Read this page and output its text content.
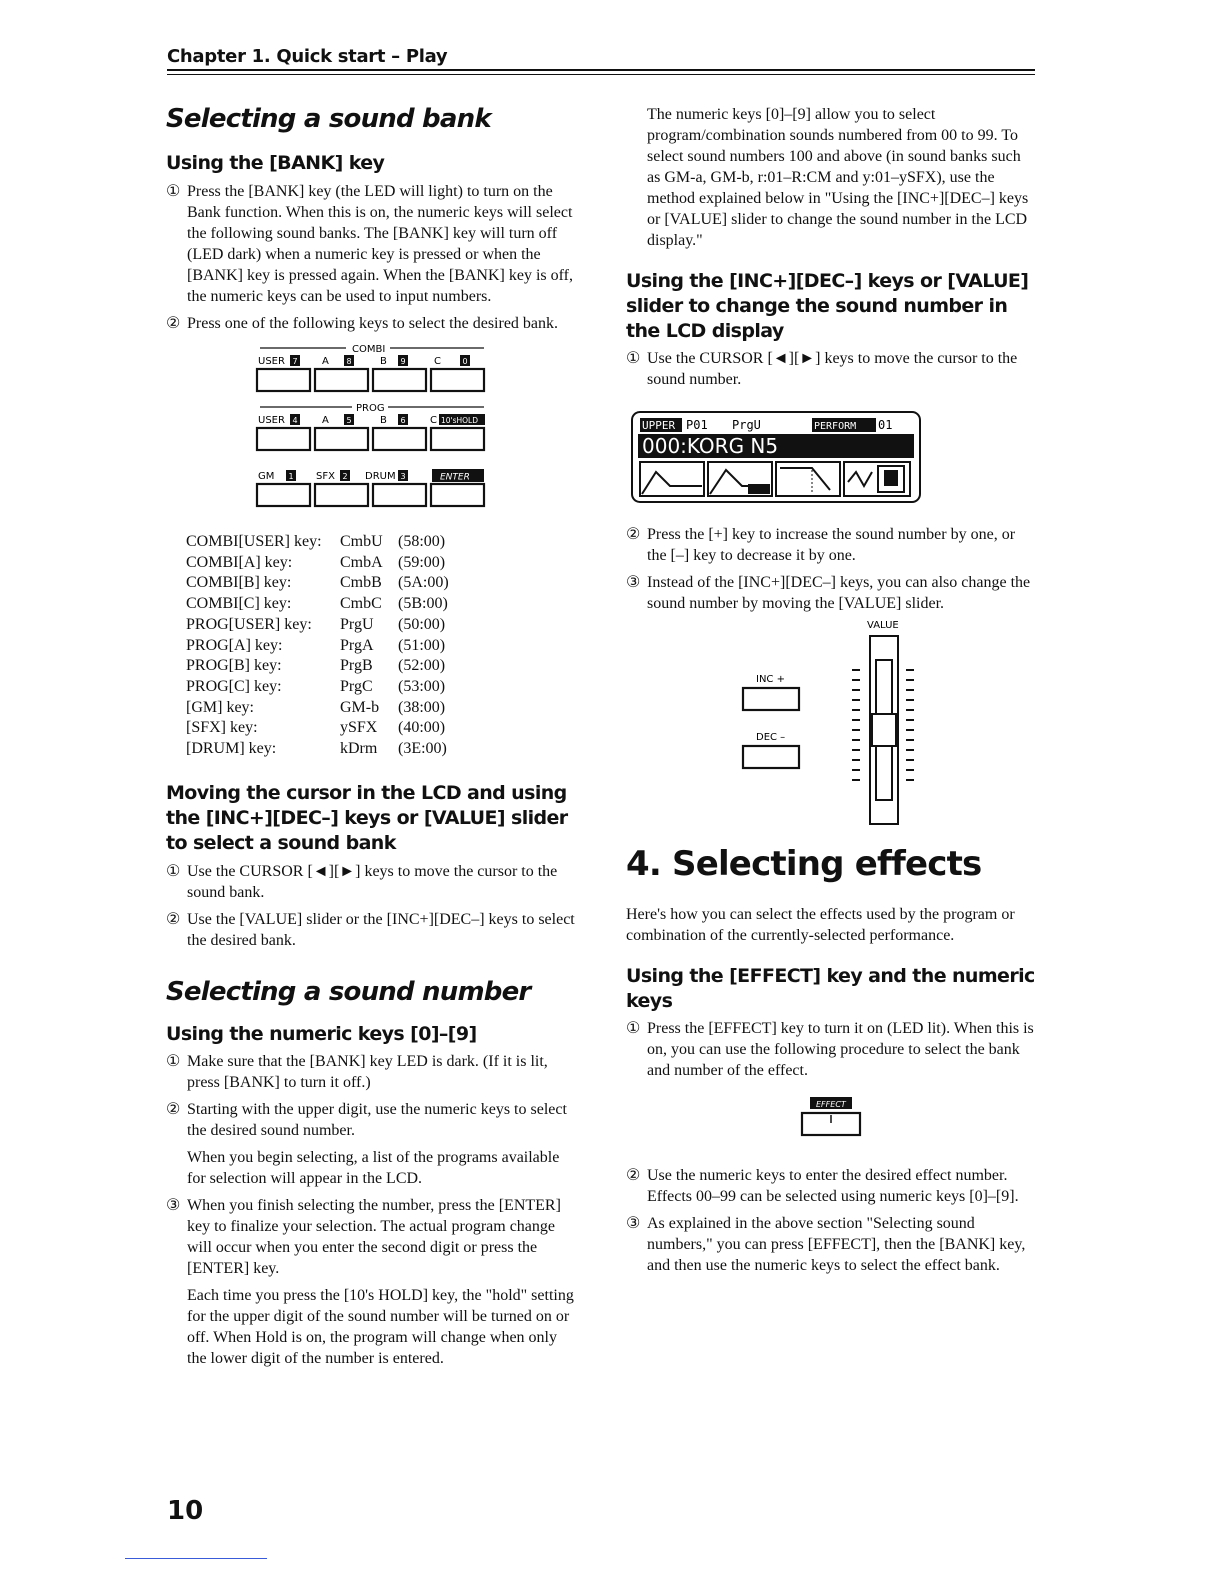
Chapter 1. Quick start – Play
Selecting a sound bank
Using the [BANK] key
① Press the [BANK] key (the LED will light) to turn on the Bank function. When this is on, the numeric keys will select the following sound banks. The [BANK] key will turn off (LED dark) when a numeric key is pressed or when the [BANK] key is pressed again. When the [BANK] key is off, the numeric keys can be used to input numbers.
② Press one of the following keys to select the desired bank.
COMBI
USER 7 A 8	B 9	C	0
PROG
USER 4 A 5	B 6 C 10'sHOLD
GM 1 SFX 2 DRUM 3	ENTER
COMBI[USER] key:	CmbU	(58:00)
COMBI[A] key:	CmbA	(59:00)
COMBI[B] key:	CmbB	(5A:00)
COMBI[C] key:	CmbC	(5B:00)
PROG[USER] key:	PrgU	(50:00)
PROG[A] key:	PrgA	(51:00)
PROG[B] key:	PrgB	(52:00)
PROG[C] key:	PrgC	(53:00)
[GM] key:	GM-b	(38:00)
[SFX] key:	ySFX	(40:00)
[DRUM] key:	kDrm	(3E:00)
Moving the cursor in the LCD and using the [INC+][DEC–] keys or [VALUE] slider to select a sound bank
① Use the CURSOR [◄][►] keys to move the cursor to the sound bank.
② Use the [VALUE] slider or the [INC+][DEC–] keys to select the desired bank.
Selecting a sound number
Using the numeric keys [0]–[9]
① Make sure that the [BANK] key LED is dark. (If it is lit, press [BANK] to turn it off.)
② Starting with the upper digit, use the numeric keys to select the desired sound number.

When you begin selecting, a list of the programs available for selection will appear in the LCD.

③ When you finish selecting the number, press the [ENTER] key to finalize your selection. The actual program change will occur when you enter the second digit or press the [ENTER] key.

Each time you press the [10's HOLD] key, the "hold" setting for the upper digit of the sound number will be turned on or off. When Hold is on, the program will change when only the lower digit of the number is entered.

The numeric keys [0]–[9] allow you to select program/combination sounds numbered from 00 to 99. To select sound numbers 100 and above (in sound banks such as GM-a, GM-b, r:01–R:CM and y:01–ySFX), use the method explained below in "Using the [INC+][DEC–] keys or [VALUE] slider to change the sound number in the LCD display."

Using the [INC+][DEC–] keys or [VALUE] slider to change the sound number in the LCD display
① Use the CURSOR [◄][►] keys to move the cursor to the sound number.
UPPER P01 PrgU	PERFORM 01
000:KORG N5
② Press the [+] key to increase the sound number by one, or the [–] key to decrease it by one.
③ Instead of the [INC+][DEC–] keys, you can also change the sound number by moving the [VALUE] slider.
VALUE
INC +
DEC –
4. Selecting effects

Here's how you can select the effects used by the program or combination of the currently-selected performance.

Using the [EFFECT] key and the numeric keys
① Press the [EFFECT] key to turn it on (LED lit). When this is on, you can use the following procedure to select the bank and number of the effect.
EFFECT
② Use the numeric keys to enter the desired effect number. Effects 00–99 can be selected using numeric keys [0]–[9].
③ As explained in the above section "Selecting sound numbers," you can press [EFFECT], then the [BANK] key, and then use the numeric keys to select the effect bank.
10
